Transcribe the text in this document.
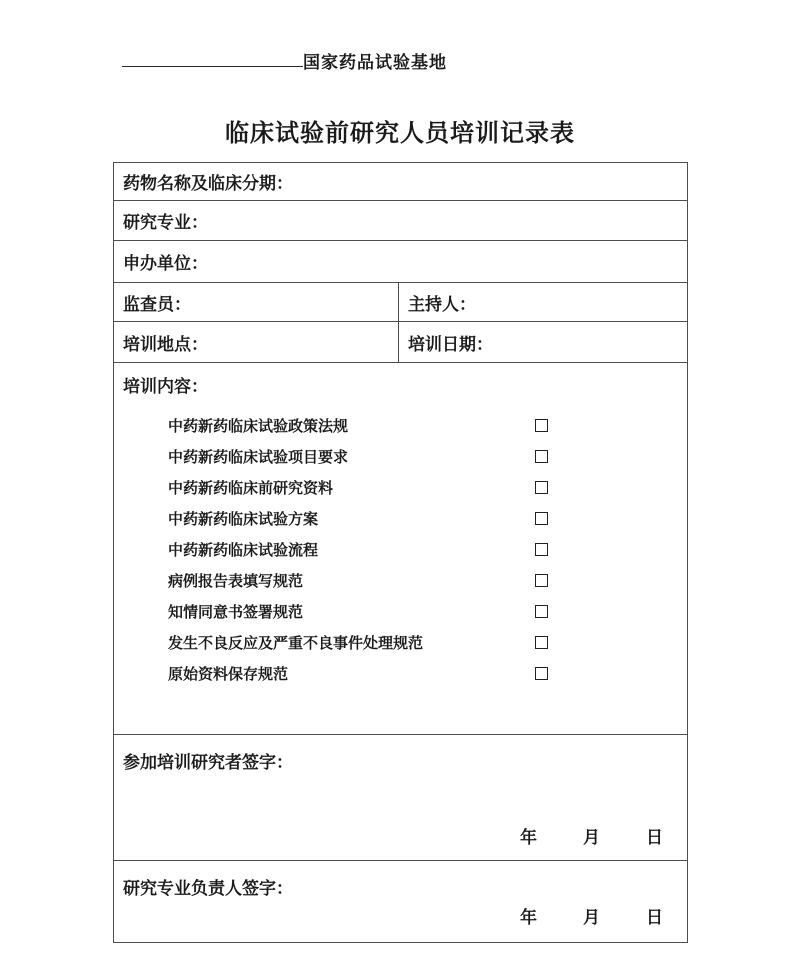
国家药品试验基地
临床试验前研究人员培训记录表
药物名称及临床分期：
研究专业：
申办单位：
监查员：	主持人：
培训地点：	培训日期：
培训内容：
中药新药临床试验政策法规
中药新药临床试验项目要求
中药新药临床前研究资料
中药新药临床试验方案
中药新药临床试验流程
病例报告表填写规范
知情同意书签署规范
发生不良反应及严重不良事件处理规范
原始资料保存规范
参加培训研究者签字：
年	月	日
研究专业负责人签字：
年	月	日
